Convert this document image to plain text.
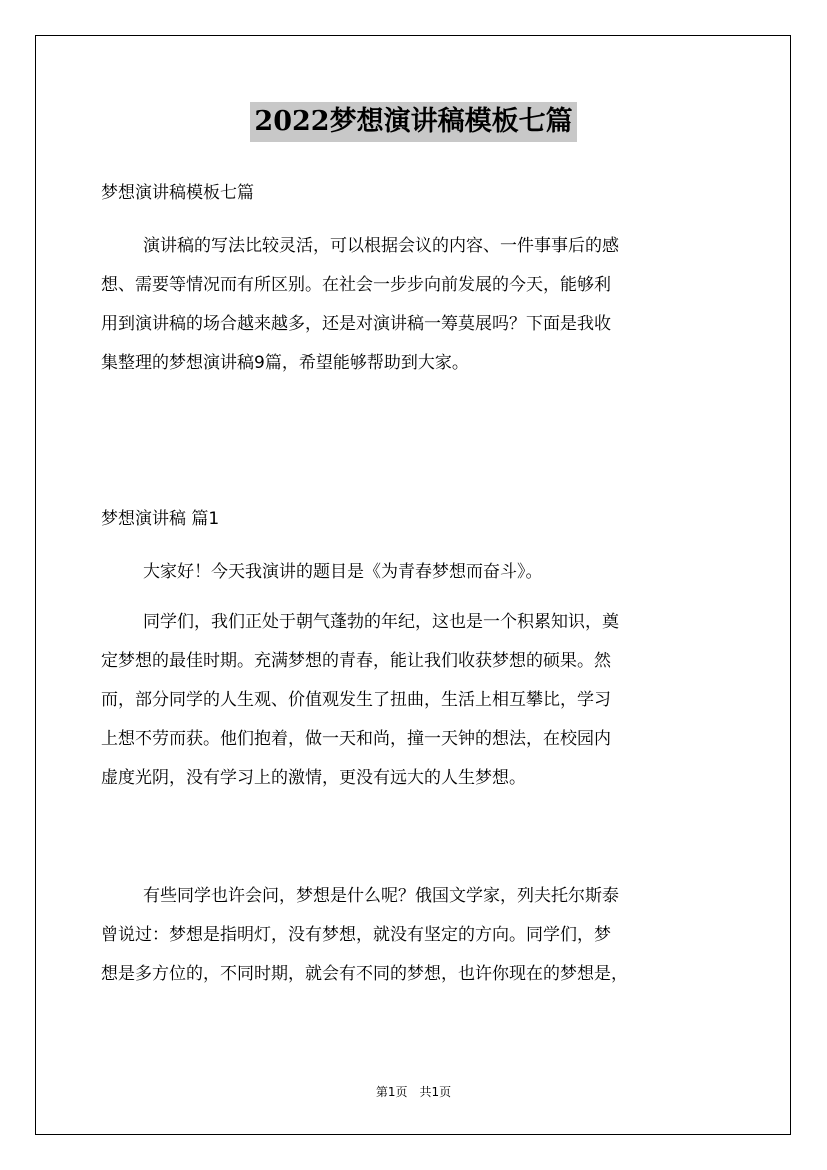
2022梦想演讲稿模板七篇

梦想演讲稿模板七篇

演讲稿的写法比较灵活，可以根据会议的内容、一件事事后的感
想、需要等情况而有所区别。在社会一步步向前发展的今天，能够利
用到演讲稿的场合越来越多，还是对演讲稿一筹莫展吗？下面是我收
集整理的梦想演讲稿9篇，希望能够帮助到大家。

梦想演讲稿 篇1

大家好！今天我演讲的题目是《为青春梦想而奋斗》。
同学们，我们正处于朝气蓬勃的年纪，这也是一个积累知识，奠
定梦想的最佳时期。充满梦想的青春，能让我们收获梦想的硕果。然
而，部分同学的人生观、价值观发生了扭曲，生活上相互攀比，学习
上想不劳而获。他们抱着，做一天和尚，撞一天钟的想法，在校园内
虚度光阴，没有学习上的激情，更没有远大的人生梦想。
有些同学也许会问，梦想是什么呢？俄国文学家，列夫托尔斯泰
曾说过：梦想是指明灯，没有梦想，就没有坚定的方向。同学们，梦
想是多方位的，不同时期，就会有不同的梦想，也许你现在的梦想是，
第1页 共1页
